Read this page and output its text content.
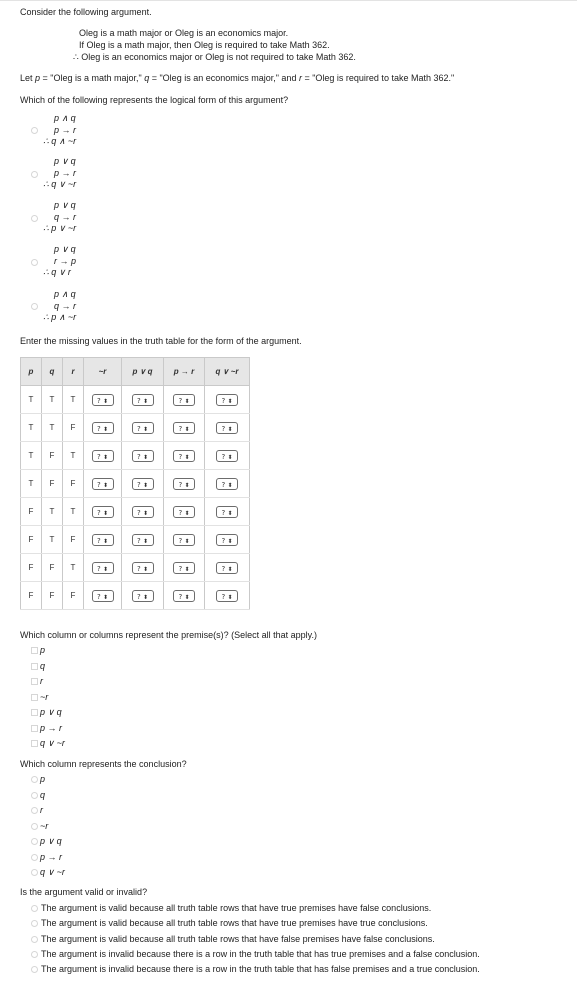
Consider the following argument.
Oleg is a math major or Oleg is an economics major.
If Oleg is a math major, then Oleg is required to take Math 362.
∴ Oleg is an economics major or Oleg is not required to take Math 362.
Let p = "Oleg is a math major," q = "Oleg is an economics major," and r = "Oleg is required to take Math 362."
Which of the following represents the logical form of this argument?
p ∧ q
p → r
∴ q ∧ ~r
p ∨ q
p → r
∴ q ∨ ~r
p ∨ q
q → r
∴ p ∨ ~r
p ∨ q
r → p
∴ q ∨ r
p ∧ q
q → r
∴ p ∧ ~r
Enter the missing values in the truth table for the form of the argument.
p	q	r	~r	p ∨ q	p → r	q ∨ ~r
T	T	T	? ⬍	? ⬍	? ⬍	? ⬍
T	T	F	? ⬍	? ⬍	? ⬍	? ⬍
T	F	T	? ⬍	? ⬍	? ⬍	? ⬍
T	F	F	? ⬍	? ⬍	? ⬍	? ⬍
F	T	T	? ⬍	? ⬍	? ⬍	? ⬍
F	T	F	? ⬍	? ⬍	? ⬍	? ⬍
F	F	T	? ⬍	? ⬍	? ⬍	? ⬍
F	F	F	? ⬍	? ⬍	? ⬍	? ⬍
Which column or columns represent the premise(s)? (Select all that apply.)
p
q
r
~r
p ∨ q
p → r
q ∨ ~r
Which column represents the conclusion?
p
q
r
~r
p ∨ q
p → r
q ∨ ~r
Is the argument valid or invalid?
The argument is valid because all truth table rows that have true premises have false conclusions.
The argument is valid because all truth table rows that have true premises have true conclusions.
The argument is valid because all truth table rows that have false premises have false conclusions.
The argument is invalid because there is a row in the truth table that has true premises and a false conclusion.
The argument is invalid because there is a row in the truth table that has false premises and a true conclusion.
